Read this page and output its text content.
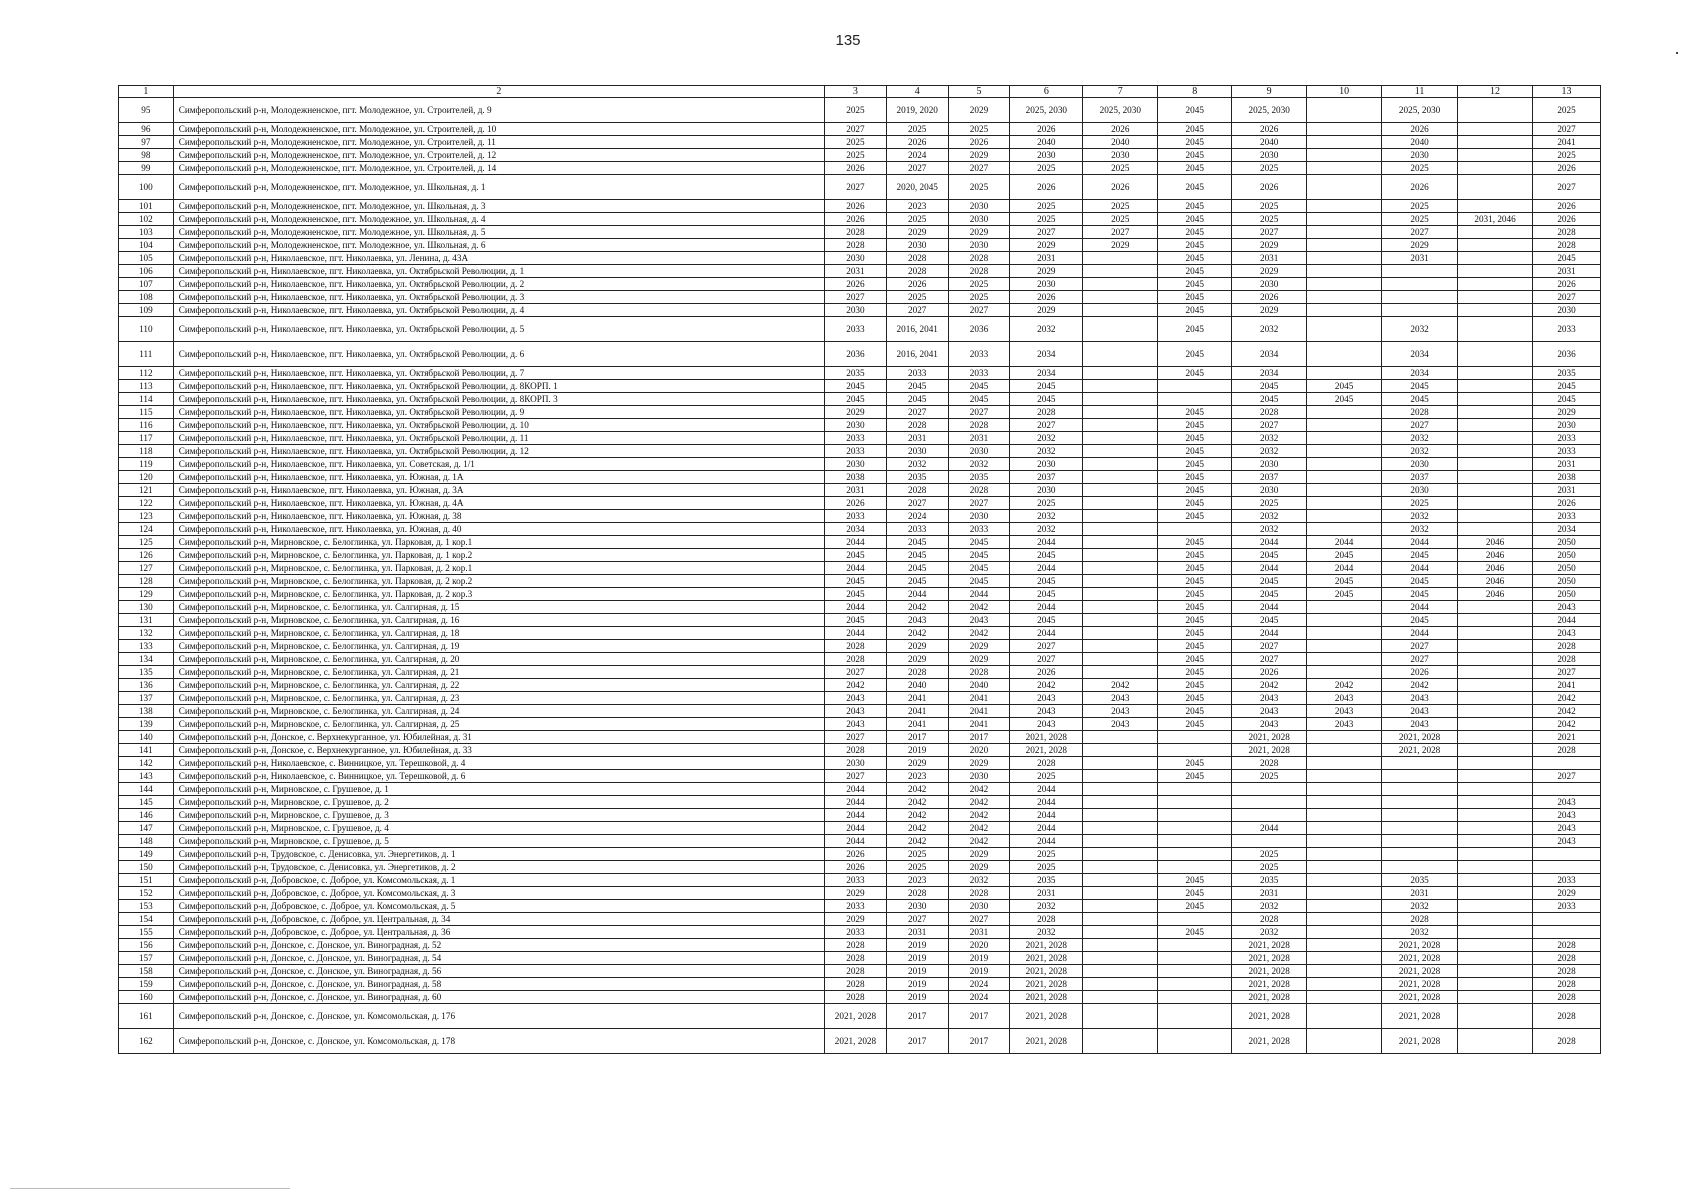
135
1	2	3	4	5	6	7	8	9	10	11	12	13
95	Симферопольский р-н, Молодежненское, пгт. Молодежное, ул. Строителей, д. 9	2025	2019, 2020	2029	2025, 2030	2025, 2030	2045	2025, 2030		2025, 2030		2025
96	Симферопольский р-н, Молодежненское, пгт. Молодежное, ул. Строителей, д. 10	2027	2025	2025	2026	2026	2045	2026		2026		2027
97	Симферопольский р-н, Молодежненское, пгт. Молодежное, ул. Строителей, д. 11	2025	2026	2026	2040	2040	2045	2040		2040		2041
98	Симферопольский р-н, Молодежненское, пгт. Молодежное, ул. Строителей, д. 12	2025	2024	2029	2030	2030	2045	2030		2030		2025
99	Симферопольский р-н, Молодежненское, пгт. Молодежное, ул. Строителей, д. 14	2026	2027	2027	2025	2025	2045	2025		2025		2026
100	Симферопольский р-н, Молодежненское, пгт. Молодежное, ул. Школьная, д. 1	2027	2020, 2045	2025	2026	2026	2045	2026		2026		2027
101	Симферопольский р-н, Молодежненское, пгт. Молодежное, ул. Школьная, д. 3	2026	2023	2030	2025	2025	2045	2025		2025		2026
102	Симферопольский р-н, Молодежненское, пгт. Молодежное, ул. Школьная, д. 4	2026	2025	2030	2025	2025	2045	2025		2025	2031, 2046	2026
103	Симферопольский р-н, Молодежненское, пгт. Молодежное, ул. Школьная, д. 5	2028	2029	2029	2027	2027	2045	2027		2027		2028
104	Симферопольский р-н, Молодежненское, пгт. Молодежное, ул. Школьная, д. 6	2028	2030	2030	2029	2029	2045	2029		2029		2028
105	Симферопольский р-н, Николаевское, пгт. Николаевка, ул. Ленина, д. 43А	2030	2028	2028	2031		2045	2031		2031		2045
106	Симферопольский р-н, Николаевское, пгт. Николаевка, ул. Октябрьской Революции, д. 1	2031	2028	2028	2029		2045	2029				2031
107	Симферопольский р-н, Николаевское, пгт. Николаевка, ул. Октябрьской Революции, д. 2	2026	2026	2025	2030		2045	2030				2026
108	Симферопольский р-н, Николаевское, пгт. Николаевка, ул. Октябрьской Революции, д. 3	2027	2025	2025	2026		2045	2026				2027
109	Симферопольский р-н, Николаевское, пгт. Николаевка, ул. Октябрьской Революции, д. 4	2030	2027	2027	2029		2045	2029				2030
110	Симферопольский р-н, Николаевское, пгт. Николаевка, ул. Октябрьской Революции, д. 5	2033	2016, 2041	2036	2032		2045	2032		2032		2033
111	Симферопольский р-н, Николаевское, пгт. Николаевка, ул. Октябрьской Революции, д. 6	2036	2016, 2041	2033	2034		2045	2034		2034		2036
112	Симферопольский р-н, Николаевское, пгт. Николаевка, ул. Октябрьской Революции, д. 7	2035	2033	2033	2034		2045	2034		2034		2035
113	Симферопольский р-н, Николаевское, пгт. Николаевка, ул. Октябрьской Революции, д. 8КОРП. 1	2045	2045	2045	2045			2045	2045	2045		2045
114	Симферопольский р-н, Николаевское, пгт. Николаевка, ул. Октябрьской Революции, д. 8КОРП. 3	2045	2045	2045	2045			2045	2045	2045		2045
115	Симферопольский р-н, Николаевское, пгт. Николаевка, ул. Октябрьской Революции, д. 9	2029	2027	2027	2028		2045	2028		2028		2029
116	Симферопольский р-н, Николаевское, пгт. Николаевка, ул. Октябрьской Революции, д. 10	2030	2028	2028	2027		2045	2027		2027		2030
117	Симферопольский р-н, Николаевское, пгт. Николаевка, ул. Октябрьской Революции, д. 11	2033	2031	2031	2032		2045	2032		2032		2033
118	Симферопольский р-н, Николаевское, пгт. Николаевка, ул. Октябрьской Революции, д. 12	2033	2030	2030	2032		2045	2032		2032		2033
119	Симферопольский р-н, Николаевское, пгт. Николаевка, ул. Советская, д. 1/1	2030	2032	2032	2030		2045	2030		2030		2031
120	Симферопольский р-н, Николаевское, пгт. Николаевка, ул. Южная, д. 1А	2038	2035	2035	2037		2045	2037		2037		2038
121	Симферопольский р-н, Николаевское, пгт. Николаевка, ул. Южная, д. 3А	2031	2028	2028	2030		2045	2030		2030		2031
122	Симферопольский р-н, Николаевское, пгт. Николаевка, ул. Южная, д. 4А	2026	2027	2027	2025		2045	2025		2025		2026
123	Симферопольский р-н, Николаевское, пгт. Николаевка, ул. Южная, д. 38	2033	2024	2030	2032		2045	2032		2032		2033
124	Симферопольский р-н, Николаевское, пгт. Николаевка, ул. Южная, д. 40	2034	2033	2033	2032			2032		2032		2034
125	Симферопольский р-н, Мирновское, с. Белоглинка, ул. Парковая, д. 1 кор.1	2044	2045	2045	2044		2045	2044	2044	2044	2046	2050
126	Симферопольский р-н, Мирновское, с. Белоглинка, ул. Парковая, д. 1 кор.2	2045	2045	2045	2045		2045	2045	2045	2045	2046	2050
127	Симферопольский р-н, Мирновское, с. Белоглинка, ул. Парковая, д. 2 кор.1	2044	2045	2045	2044		2045	2044	2044	2044	2046	2050
128	Симферопольский р-н, Мирновское, с. Белоглинка, ул. Парковая, д. 2 кор.2	2045	2045	2045	2045		2045	2045	2045	2045	2046	2050
129	Симферопольский р-н, Мирновское, с. Белоглинка, ул. Парковая, д. 2 кор.3	2045	2044	2044	2045		2045	2045	2045	2045	2046	2050
130	Симферопольский р-н, Мирновское, с. Белоглинка, ул. Салгирная, д. 15	2044	2042	2042	2044		2045	2044		2044		2043
131	Симферопольский р-н, Мирновское, с. Белоглинка, ул. Салгирная, д. 16	2045	2043	2043	2045		2045	2045		2045		2044
132	Симферопольский р-н, Мирновское, с. Белоглинка, ул. Салгирная, д. 18	2044	2042	2042	2044		2045	2044		2044		2043
133	Симферопольский р-н, Мирновское, с. Белоглинка, ул. Салгирная, д. 19	2028	2029	2029	2027		2045	2027		2027		2028
134	Симферопольский р-н, Мирновское, с. Белоглинка, ул. Салгирная, д. 20	2028	2029	2029	2027		2045	2027		2027		2028
135	Симферопольский р-н, Мирновское, с. Белоглинка, ул. Салгирная, д. 21	2027	2028	2028	2026		2045	2026		2026		2027
136	Симферопольский р-н, Мирновское, с. Белоглинка, ул. Салгирная, д. 22	2042	2040	2040	2042	2042	2045	2042	2042	2042		2041
137	Симферопольский р-н, Мирновское, с. Белоглинка, ул. Салгирная, д. 23	2043	2041	2041	2043	2043	2045	2043	2043	2043		2042
138	Симферопольский р-н, Мирновское, с. Белоглинка, ул. Салгирная, д. 24	2043	2041	2041	2043	2043	2045	2043	2043	2043		2042
139	Симферопольский р-н, Мирновское, с. Белоглинка, ул. Салгирная, д. 25	2043	2041	2041	2043	2043	2045	2043	2043	2043		2042
140	Симферопольский р-н, Донское, с. Верхнекурганное, ул. Юбилейная, д. 31	2027	2017	2017	2021, 2028			2021, 2028		2021, 2028		2021
141	Симферопольский р-н, Донское, с. Верхнекурганное, ул. Юбилейная, д. 33	2028	2019	2020	2021, 2028			2021, 2028		2021, 2028		2028
142	Симферопольский р-н, Николаевское, с. Винницкое, ул. Терешковой, д. 4	2030	2029	2029	2028		2045	2028				
143	Симферопольский р-н, Николаевское, с. Винницкое, ул. Терешковой, д. 6	2027	2023	2030	2025		2045	2025				2027
144	Симферопольский р-н, Мирновское, с. Грушевое, д. 1	2044	2042	2042	2044							
145	Симферопольский р-н, Мирновское, с. Грушевое, д. 2	2044	2042	2042	2044							2043
146	Симферопольский р-н, Мирновское, с. Грушевое, д. 3	2044	2042	2042	2044							2043
147	Симферопольский р-н, Мирновское, с. Грушевое, д. 4	2044	2042	2042	2044			2044				2043
148	Симферопольский р-н, Мирновское, с. Грушевое, д. 5	2044	2042	2042	2044							2043
149	Симферопольский р-н, Трудовское, с. Денисовка, ул. Энергетиков, д. 1	2026	2025	2029	2025			2025				
150	Симферопольский р-н, Трудовское, с. Денисовка, ул. Энергетиков, д. 2	2026	2025	2029	2025			2025				
151	Симферопольский р-н, Добровское, с. Доброе, ул. Комсомольская, д. 1	2033	2023	2032	2035		2045	2035		2035		2033
152	Симферопольский р-н, Добровское, с. Доброе, ул. Комсомольская, д. 3	2029	2028	2028	2031		2045	2031		2031		2029
153	Симферопольский р-н, Добровское, с. Доброе, ул. Комсомольская, д. 5	2033	2030	2030	2032		2045	2032		2032		2033
154	Симферопольский р-н, Добровское, с. Доброе, ул. Центральная, д. 34	2029	2027	2027	2028			2028		2028		
155	Симферопольский р-н, Добровское, с. Доброе, ул. Центральная, д. 36	2033	2031	2031	2032		2045	2032		2032		
156	Симферопольский р-н, Донское, с. Донское, ул. Виноградная, д. 52	2028	2019	2020	2021, 2028			2021, 2028		2021, 2028		2028
157	Симферопольский р-н, Донское, с. Донское, ул. Виноградная, д. 54	2028	2019	2019	2021, 2028			2021, 2028		2021, 2028		2028
158	Симферопольский р-н, Донское, с. Донское, ул. Виноградная, д. 56	2028	2019	2019	2021, 2028			2021, 2028		2021, 2028		2028
159	Симферопольский р-н, Донское, с. Донское, ул. Виноградная, д. 58	2028	2019	2024	2021, 2028			2021, 2028		2021, 2028		2028
160	Симферопольский р-н, Донское, с. Донское, ул. Виноградная, д. 60	2028	2019	2024	2021, 2028			2021, 2028		2021, 2028		2028
161	Симферопольский р-н, Донское, с. Донское, ул. Комсомольская, д. 176	2021, 2028	2017	2017	2021, 2028			2021, 2028		2021, 2028		2028
162	Симферопольский р-н, Донское, с. Донское, ул. Комсомольская, д. 178	2021, 2028	2017	2017	2021, 2028			2021, 2028		2021, 2028		2028
